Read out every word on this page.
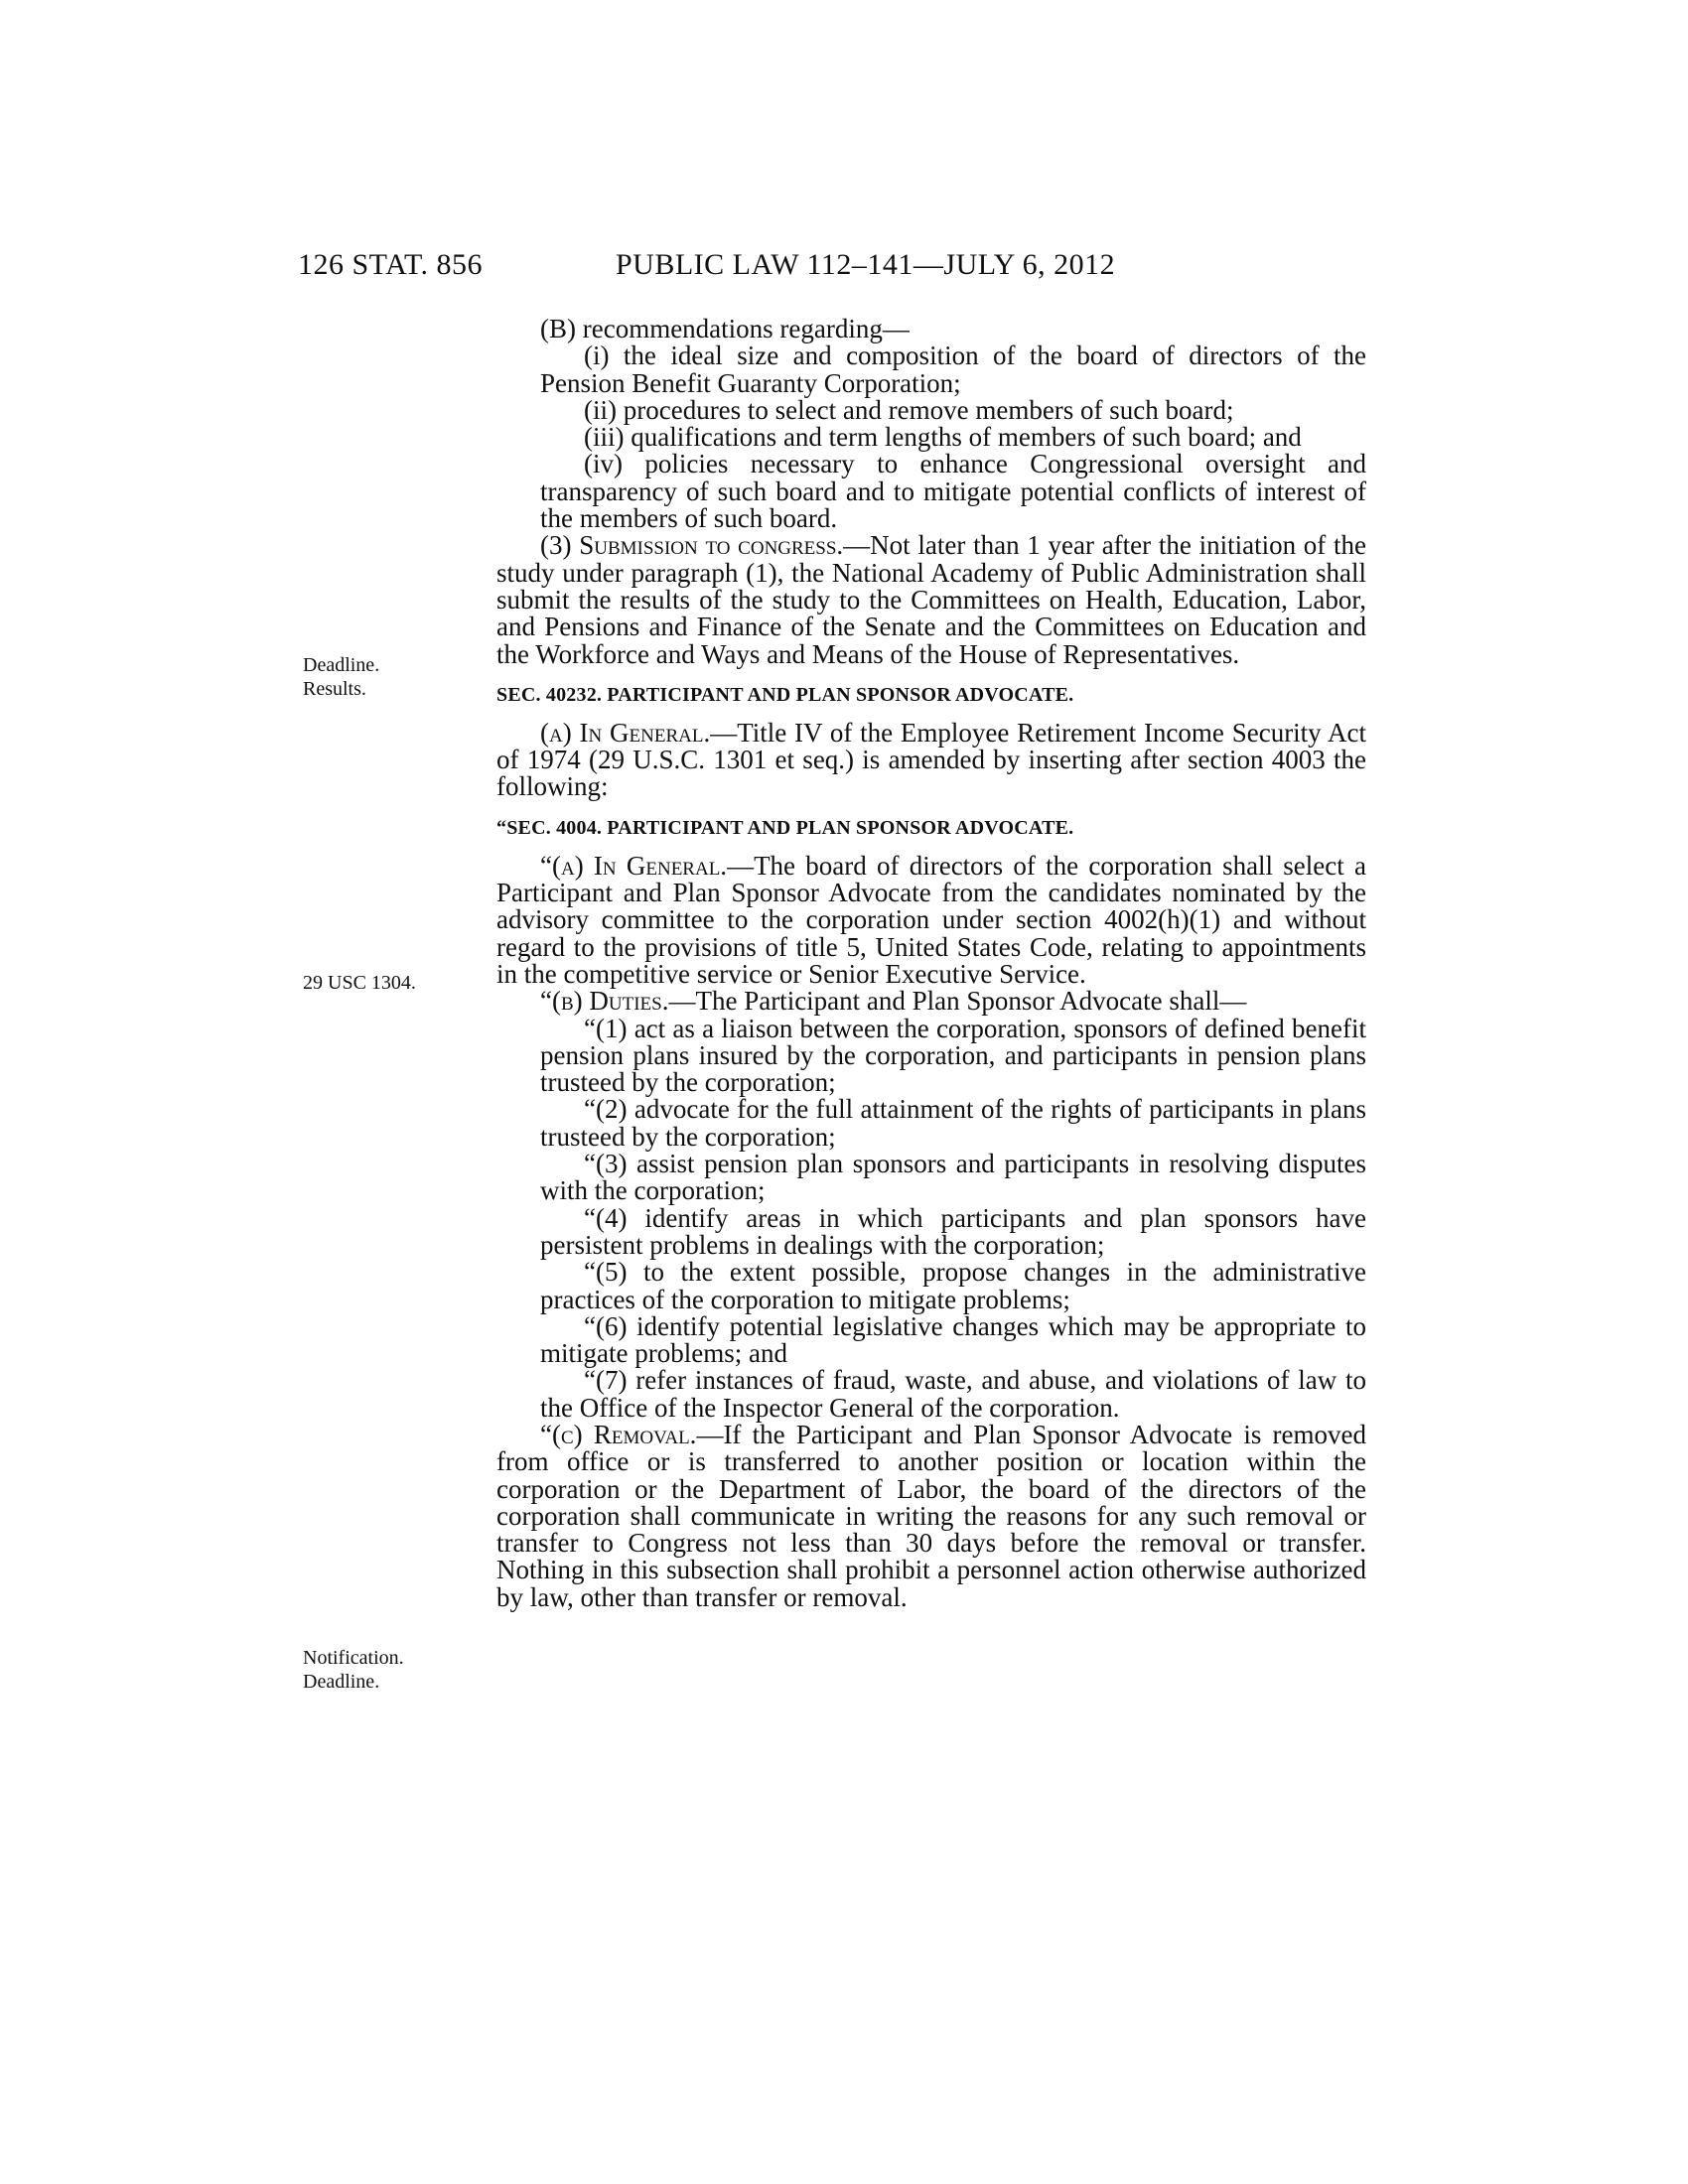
126 STAT. 856	PUBLIC LAW 112–141—JULY 6, 2012
Deadline.
Results.
29 USC 1304.
Notification.
Deadline.

(B) recommendations regarding—

(i) the ideal size and composition of the board of directors of the Pension Benefit Guaranty Corporation;

(ii) procedures to select and remove members of such board;

(iii) qualifications and term lengths of members of such board; and

(iv) policies necessary to enhance Congressional oversight and transparency of such board and to mitigate potential conflicts of interest of the members of such board.

(3) Submission to congress.—Not later than 1 year after the initiation of the study under paragraph (1), the National Academy of Public Administration shall submit the results of the study to the Committees on Health, Education, Labor, and Pensions and Finance of the Senate and the Committees on Education and the Workforce and Ways and Means of the House of Representatives.

SEC. 40232. PARTICIPANT AND PLAN SPONSOR ADVOCATE.

(a) In General.—Title IV of the Employee Retirement Income Security Act of 1974 (29 U.S.C. 1301 et seq.) is amended by inserting after section 4003 the following:

“SEC. 4004. PARTICIPANT AND PLAN SPONSOR ADVOCATE.

“(a) In General.—The board of directors of the corporation shall select a Participant and Plan Sponsor Advocate from the candidates nominated by the advisory committee to the corporation under section 4002(h)(1) and without regard to the provisions of title 5, United States Code, relating to appointments in the competitive service or Senior Executive Service.

“(b) Duties.—The Participant and Plan Sponsor Advocate shall—

“(1) act as a liaison between the corporation, sponsors of defined benefit pension plans insured by the corporation, and participants in pension plans trusteed by the corporation;

“(2) advocate for the full attainment of the rights of participants in plans trusteed by the corporation;

“(3) assist pension plan sponsors and participants in resolving disputes with the corporation;

“(4) identify areas in which participants and plan sponsors have persistent problems in dealings with the corporation;

“(5) to the extent possible, propose changes in the administrative practices of the corporation to mitigate problems;

“(6) identify potential legislative changes which may be appropriate to mitigate problems; and

“(7) refer instances of fraud, waste, and abuse, and violations of law to the Office of the Inspector General of the corporation.

“(c) Removal.—If the Participant and Plan Sponsor Advocate is removed from office or is transferred to another position or location within the corporation or the Department of Labor, the board of the directors of the corporation shall communicate in writing the reasons for any such removal or transfer to Congress not less than 30 days before the removal or transfer. Nothing in this subsection shall prohibit a personnel action otherwise authorized by law, other than transfer or removal.
